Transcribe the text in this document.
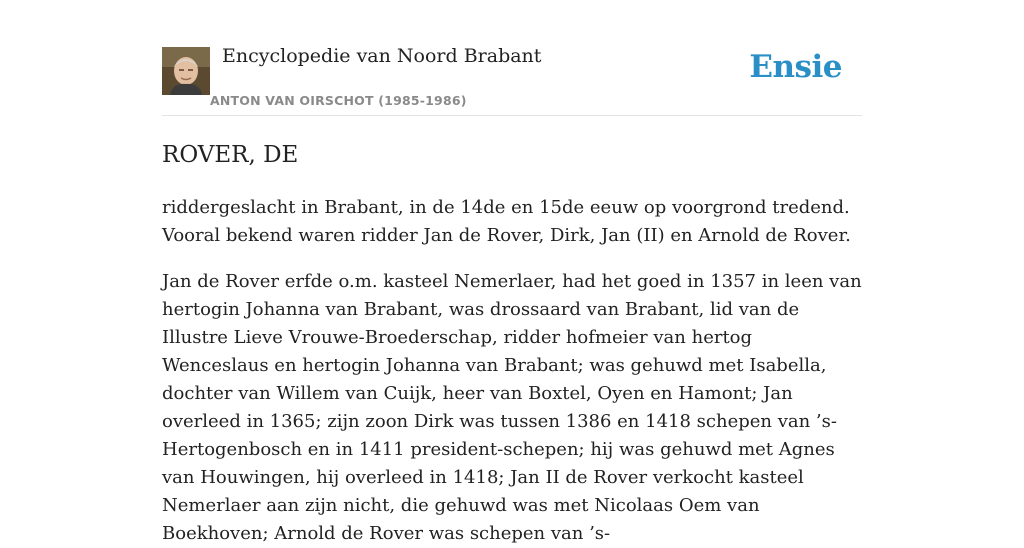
Encyclopedie van Noord Brabant
ANTON VAN OIRSCHOT (1985-1986)
Ensie
ROVER, DE

riddergeslacht in Brabant, in de 14de en 15de eeuw op voorgrond tredend. Vooral bekend waren ridder Jan de Rover, Dirk, Jan (II) en Arnold de Rover.

Jan de Rover erfde o.m. kasteel Nemerlaer, had het goed in 1357 in leen van hertogin Johanna van Brabant, was drossaard van Brabant, lid van de Illustre Lieve Vrouwe-Broederschap, ridder hofmeier van hertog Wenceslaus en hertogin Johanna van Brabant; was gehuwd met Isabella, dochter van Willem van Cuijk, heer van Boxtel, Oyen en Hamont; Jan overleed in 1365; zijn zoon Dirk was tussen 1386 en 1418 schepen van ’s-Hertogenbosch en in 1411 president-schepen; hij was gehuwd met Agnes van Houwingen, hij overleed in 1418; Jan II de Rover verkocht kasteel Nemerlaer aan zijn nicht, die gehuwd was met Nicolaas Oem van Boekhoven; Arnold de Rover was schepen van ’s-
